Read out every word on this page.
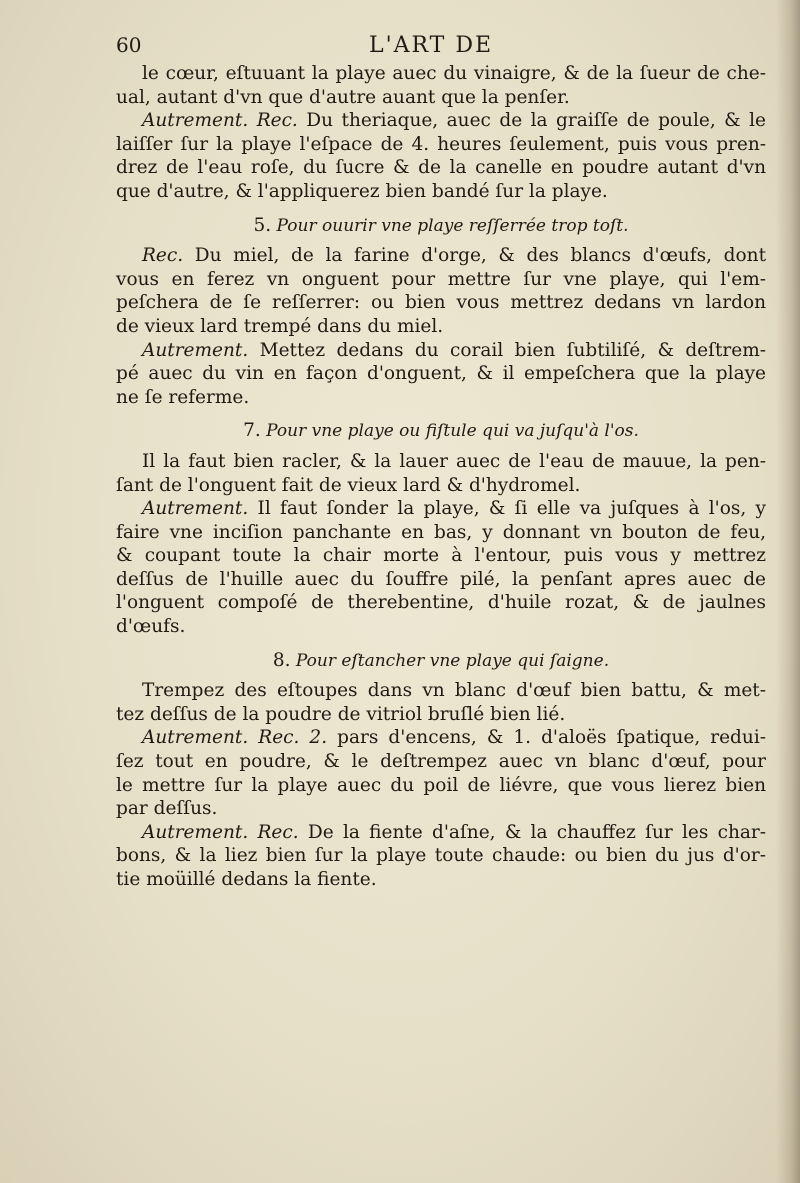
60	L'ART DE

le cœur, eſtuuant la playe auec du vinaigre, & de la ſueur de che-
ual, autant d'vn que d'autre auant que la penſer.

Autrement. Rec. Du theriaque, auec de la graiſſe de poule, & le
laiſſer ſur la playe l'eſpace de 4. heures ſeulement, puis vous pren-
drez de l'eau roſe, du ſucre & de la canelle en poudre autant d'vn
que d'autre, & l'appliquerez bien bandé ſur la playe.

5. Pour ouurir vne playe reſſerrée trop toſt.

Rec. Du miel, de la farine d'orge, & des blancs d'œufs, dont
vous en ferez vn onguent pour mettre ſur vne playe, qui l'em-
peſchera de ſe reſſerrer: ou bien vous mettrez dedans vn lardon
de vieux lard trempé dans du miel.

Autrement. Mettez dedans du corail bien ſubtiliſé, & deſtrem-
pé auec du vin en façon d'onguent, & il empeſchera que la playe
ne ſe referme.

7. Pour vne playe ou fiſtule qui va juſqu'à l'os.

Il la faut bien racler, & la lauer auec de l'eau de mauue, la pen-
ſant de l'onguent fait de vieux lard & d'hydromel.

Autrement. Il faut ſonder la playe, & ſi elle va juſques à l'os, y
faire vne inciſion panchante en bas, y donnant vn bouton de feu,
& coupant toute la chair morte à l'entour, puis vous y mettrez
deſſus de l'huille auec du ſouffre pilé, la penſant apres auec de
l'onguent compoſé de therebentine, d'huile rozat, & de jaulnes
d'œufs.

8. Pour eſtancher vne playe qui ſaigne.

Trempez des eſtoupes dans vn blanc d'œuf bien battu, & met-
tez deſſus de la poudre de vitriol bruſlé bien lié.

Autrement. Rec. 2. pars d'encens, & 1. d'aloës ſpatique, redui-
ſez tout en poudre, & le deſtrempez auec vn blanc d'œuf, pour
le mettre ſur la playe auec du poil de liévre, que vous lierez bien
par deſſus.

Autrement. Rec. De la fiente d'aſne, & la chauffez ſur les char-
bons, & la liez bien ſur la playe toute chaude: ou bien du jus d'or-
tie moüillé dedans la fiente.
